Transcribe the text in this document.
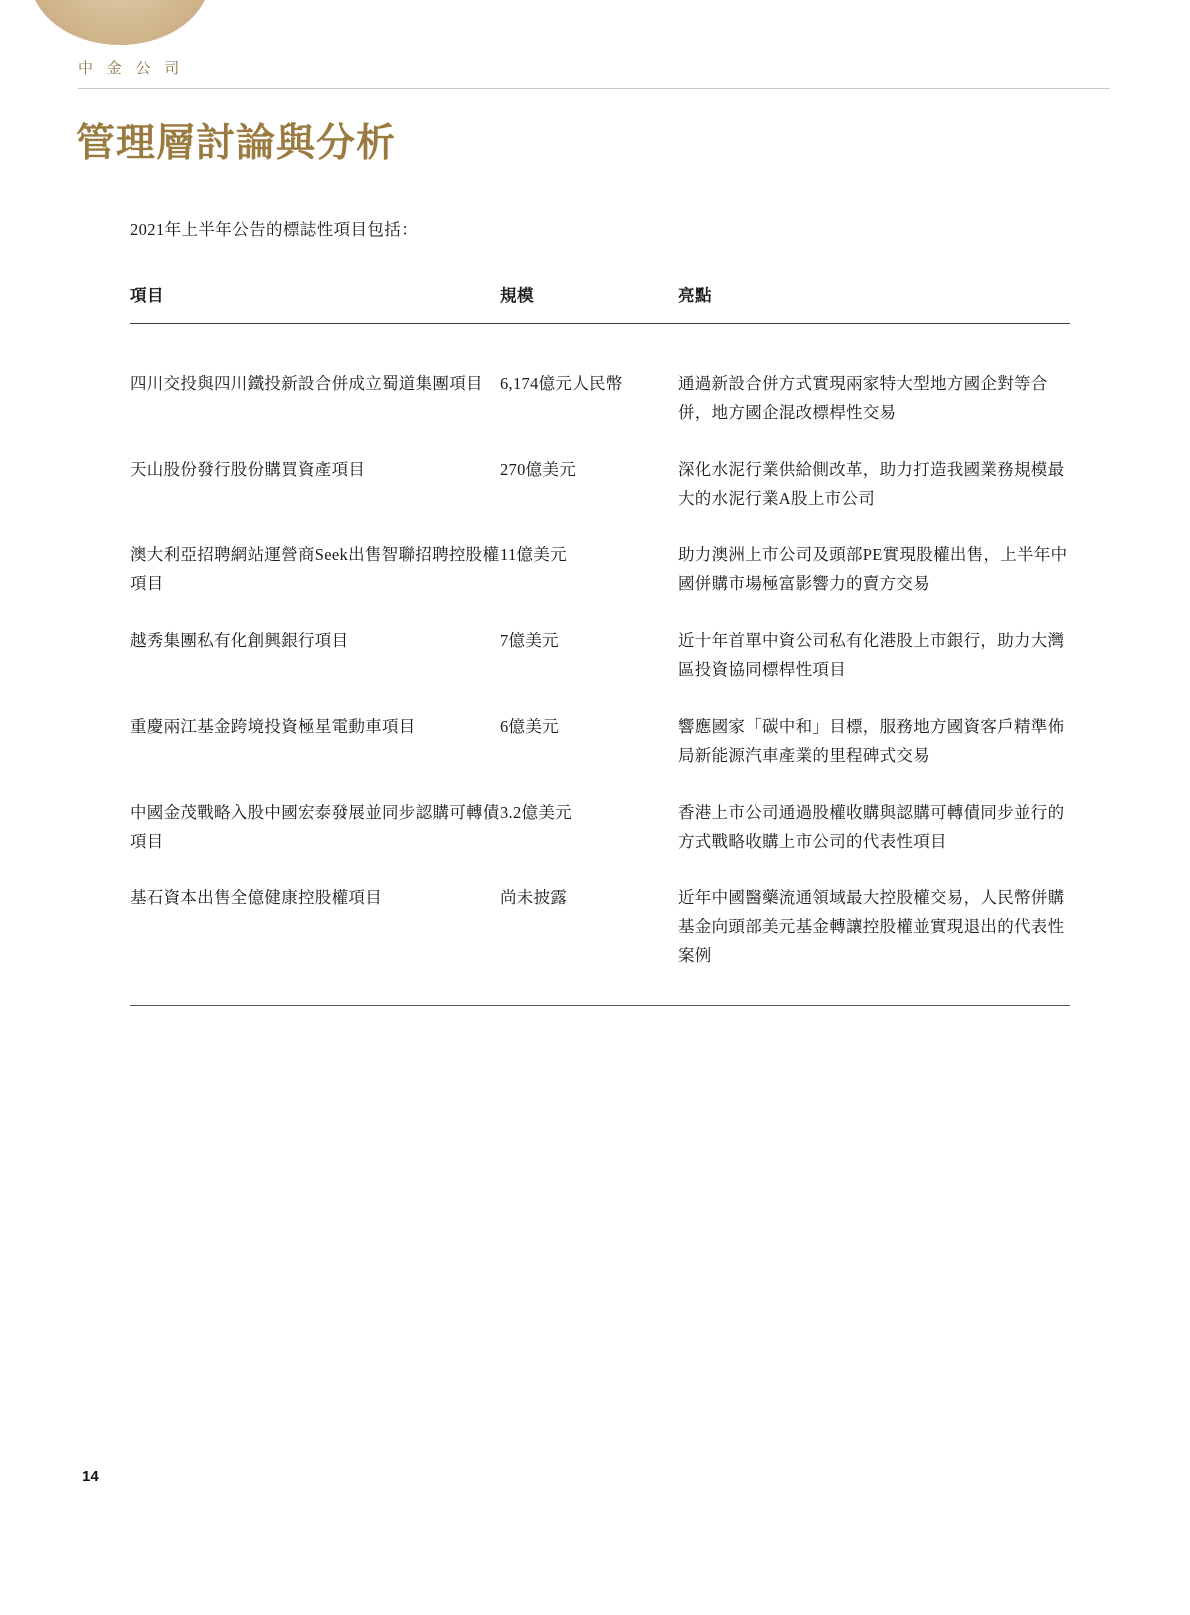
中 金 公 司
管理層討論與分析
2021年上半年公告的標誌性項目包括：
項目	規模	亮點
四川交投與四川鐵投新設合併成立蜀道集團項目	6,174億元人民幣	通過新設合併方式實現兩家特大型地方國企對等合併，地方國企混改標桿性交易
天山股份發行股份購買資產項目	270億美元	深化水泥行業供給側改革，助力打造我國業務規模最大的水泥行業A股上市公司
澳大利亞招聘網站運營商Seek出售智聯招聘控股權項目	11億美元	助力澳洲上市公司及頭部PE實現股權出售，上半年中國併購市場極富影響力的賣方交易
越秀集團私有化創興銀行項目	7億美元	近十年首單中資公司私有化港股上市銀行，助力大灣區投資協同標桿性項目
重慶兩江基金跨境投資極星電動車項目	6億美元	響應國家「碳中和」目標，服務地方國資客戶精準佈局新能源汽車產業的里程碑式交易
中國金茂戰略入股中國宏泰發展並同步認購可轉債項目	3.2億美元	香港上市公司通過股權收購與認購可轉債同步並行的方式戰略收購上市公司的代表性項目
基石資本出售全億健康控股權項目	尚未披露	近年中國醫藥流通領域最大控股權交易，人民幣併購基金向頭部美元基金轉讓控股權並實現退出的代表性案例
14
